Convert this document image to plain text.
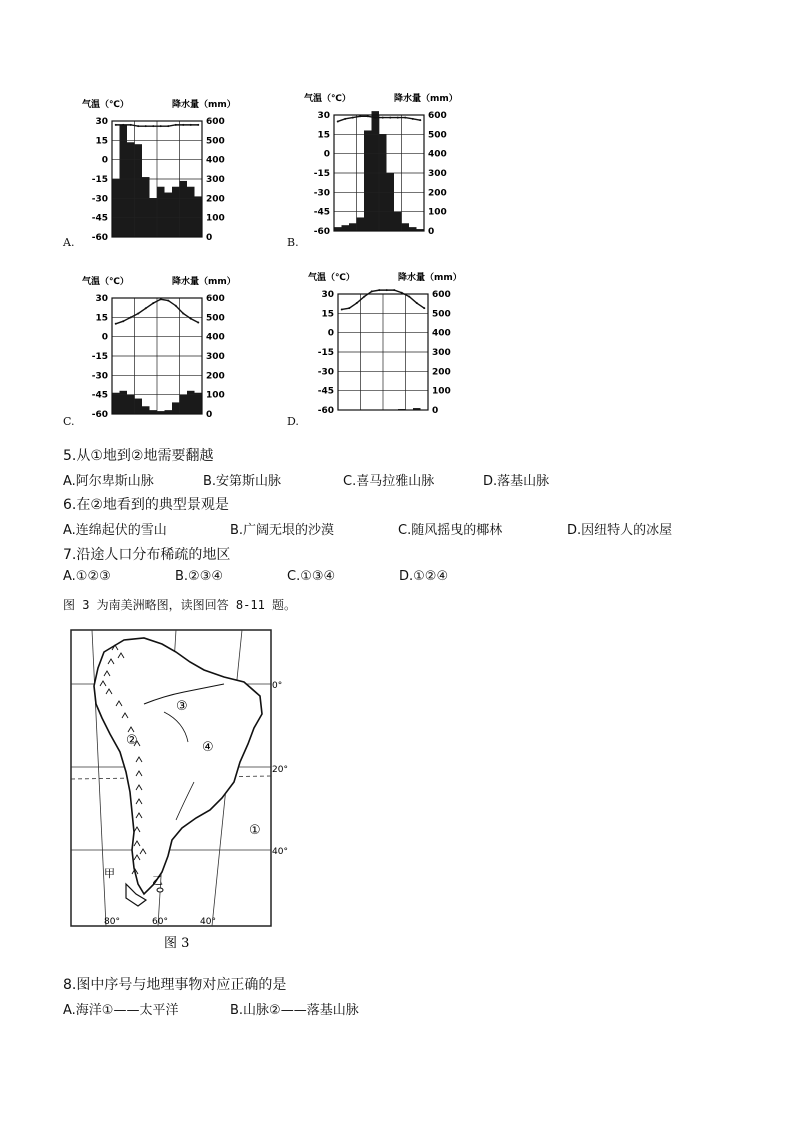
气温（℃）	降水量（mm）
30
15
0
-15
-30
-45
-60
600
500
400
300
200
100
0
A.
气温（℃）	降水量（mm）
30
15
0
-15
-30
-45
-60
600
500
400
300
200
100
0
B.
气温（℃）	降水量（mm）
30
15
0
-15
-30
-45
-60
600
500
400
300
200
100
0
C.
气温（℃）	降水量（mm）
30
15
0
-15
-30
-45
-60
600
500
400
300
200
100
0
D.
5.从①地到②地需要翻越
A.阿尔卑斯山脉	B.安第斯山脉	C.喜马拉雅山脉	D.落基山脉
6.在②地看到的典型景观是
A.连绵起伏的雪山	B.广阔无垠的沙漠	C.随风摇曳的椰林	D.因纽特人的冰屋
7.沿途人口分布稀疏的地区
A.①②③	B.②③④	C.①③④	D.①②④
图 3 为南美洲略图，读图回答 8-11 题。
③
④
②
①
甲
乙
0°
20°
40°
80°	60°	40°
图 3
8.图中序号与地理事物对应正确的是
A.海洋①——太平洋	B.山脉②——落基山脉
